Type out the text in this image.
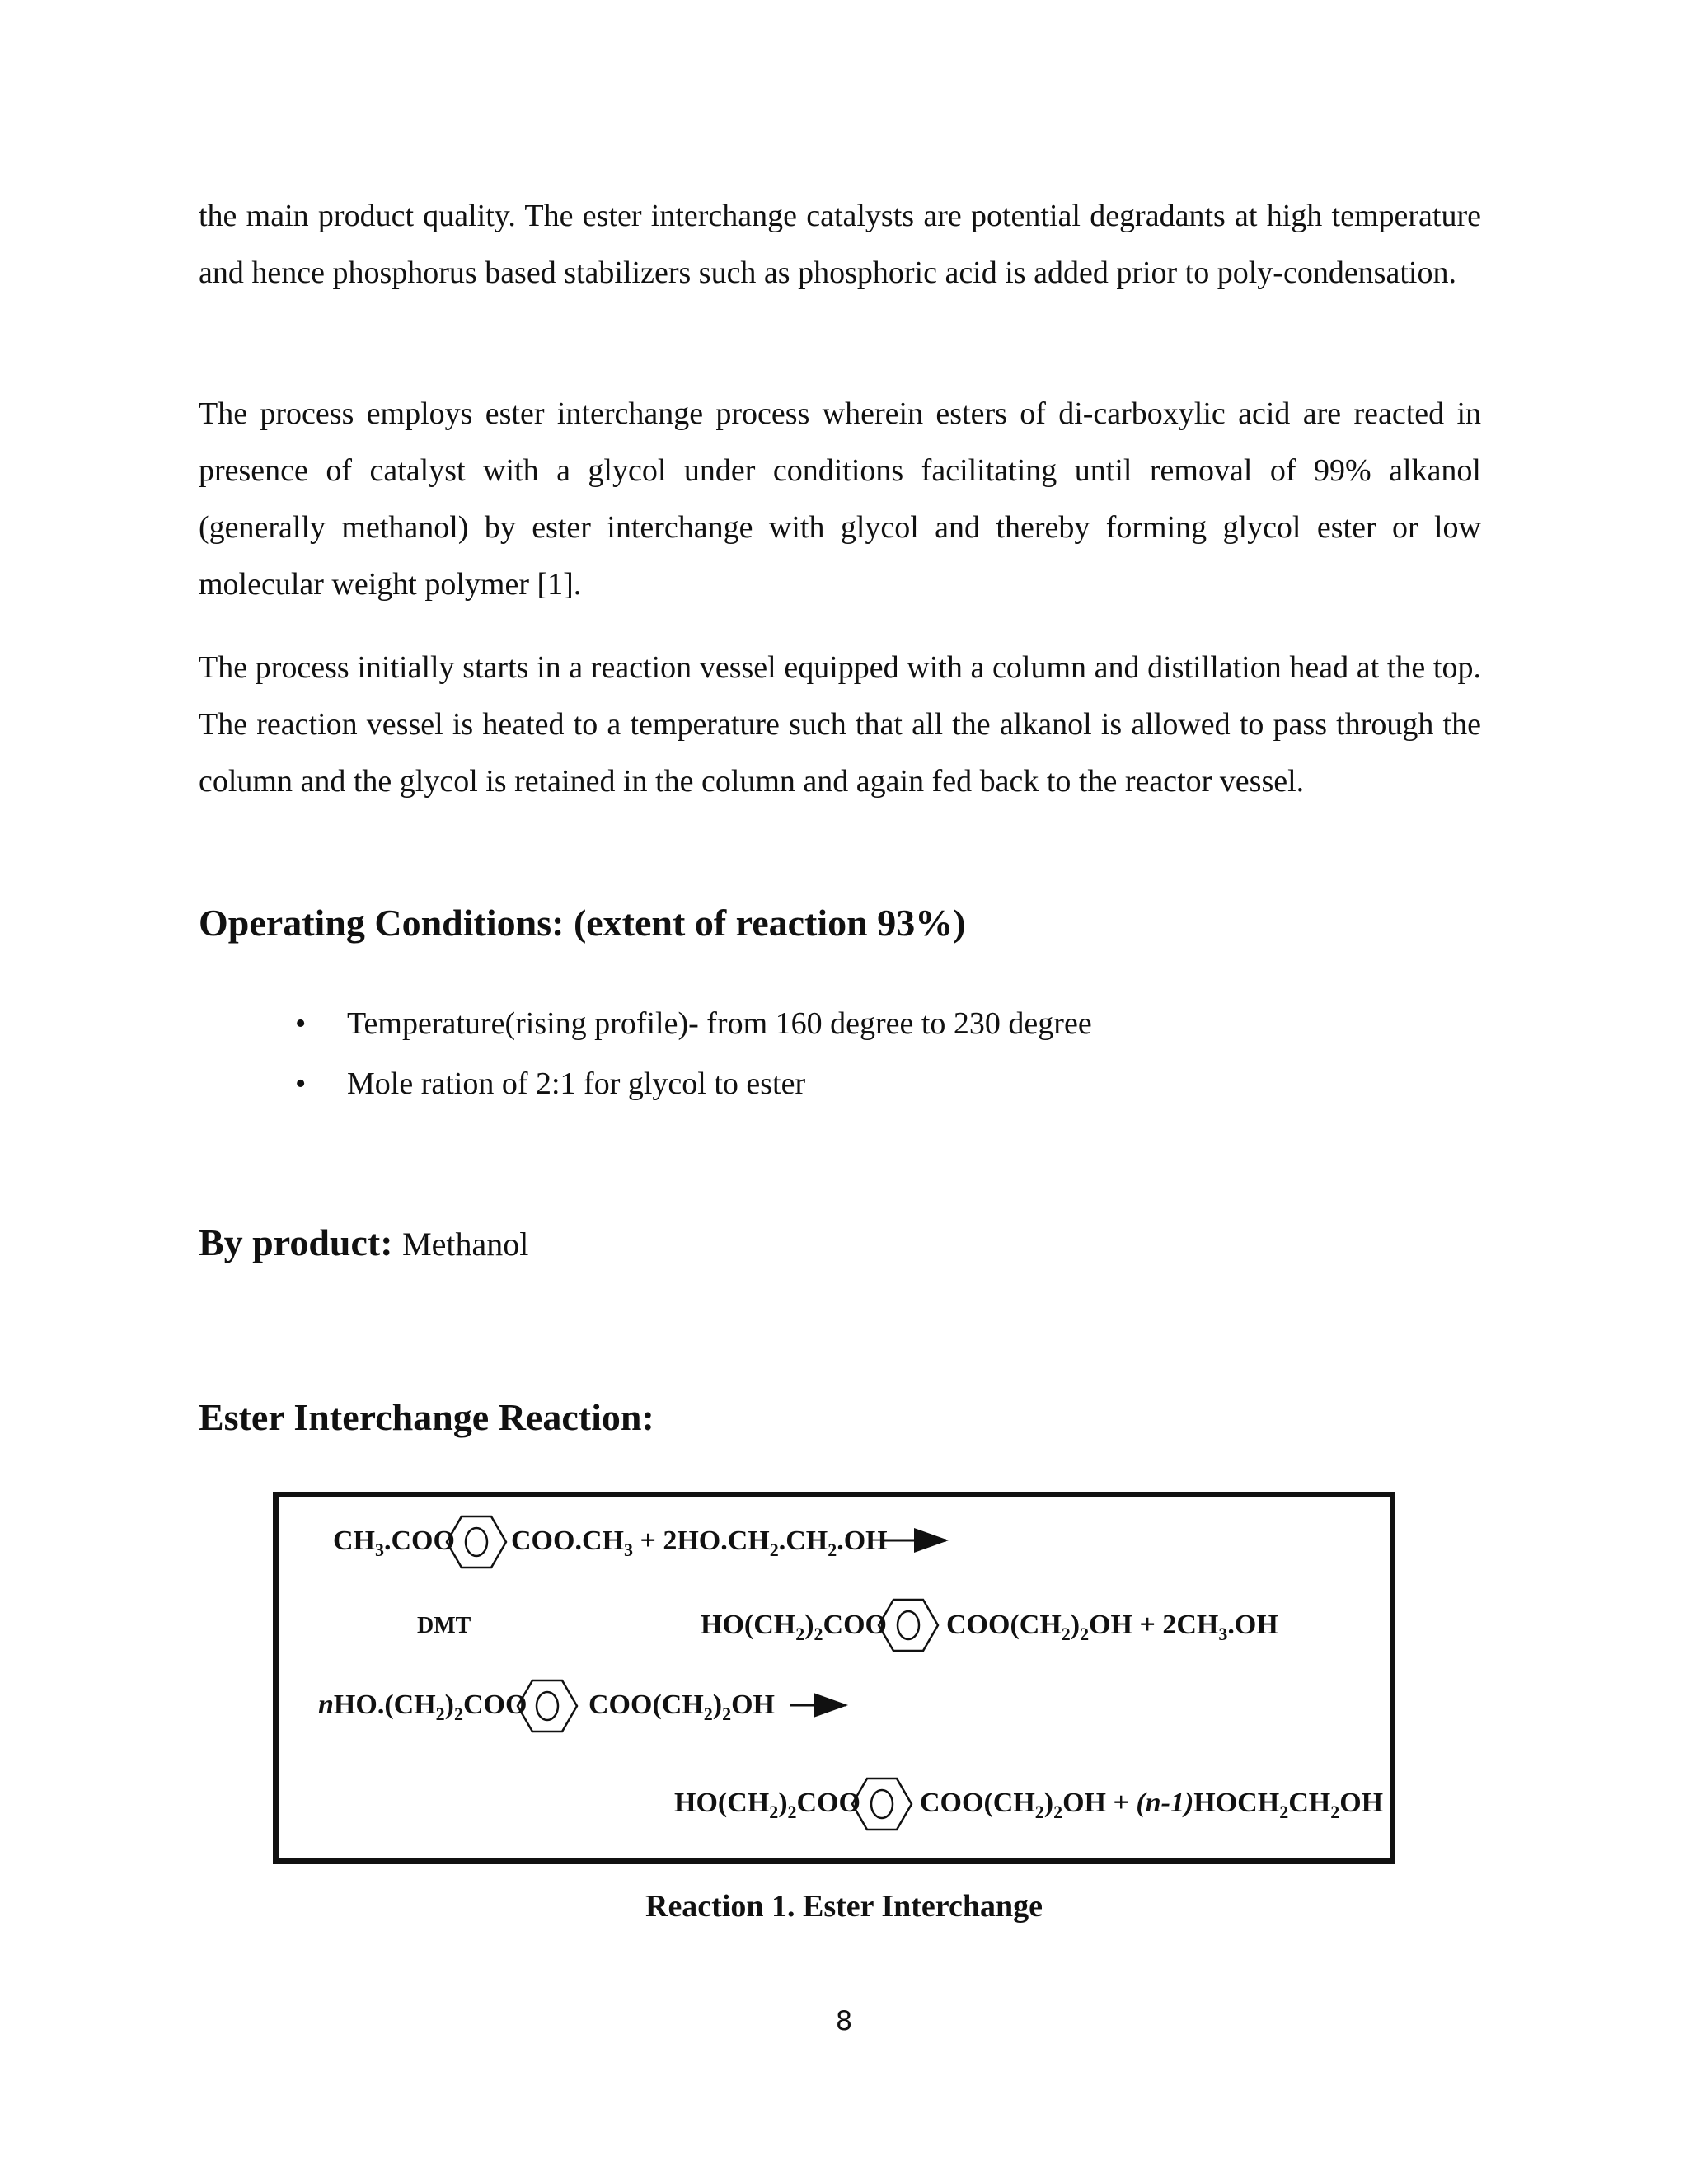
the main product quality. The ester interchange catalysts are potential degradants at high temperature and hence phosphorus based stabilizers such as phosphoric acid is added prior to poly-condensation.

The process employs ester interchange process wherein esters of di-carboxylic acid are reacted in presence of catalyst with a glycol under conditions facilitating until removal of 99% alkanol (generally methanol) by ester interchange with glycol and thereby forming glycol ester or low molecular weight polymer [1].

The process initially starts in a reaction vessel equipped with a column and distillation head at the top. The reaction vessel is heated to a temperature such that all the alkanol is allowed to pass through the column and the glycol is retained in the column and again fed back to the reactor vessel.

Operating Conditions: (extent of reaction 93%)
• Temperature(rising profile)- from 160 degree to 230 degree
• Mole ration of 2:1 for glycol to ester
By product: Methanol
Ester Interchange Reaction:
$CH_3.COO$ $COO.CH_3 + 2HO.CH_2.CH_2.OH$
DMT	$HO(CH_2)_2COO$ $COO(CH_2)_2OH + 2CH_3.OH$
$nHO.(CH_2)_2COO$ $COO(CH_2)_2OH$
$HO(CH_2)_2COO$ $COO(CH_2)_2OH$ + $(n-1)HOCH_2CH_2OH$

Reaction 1. Ester Interchange

8
